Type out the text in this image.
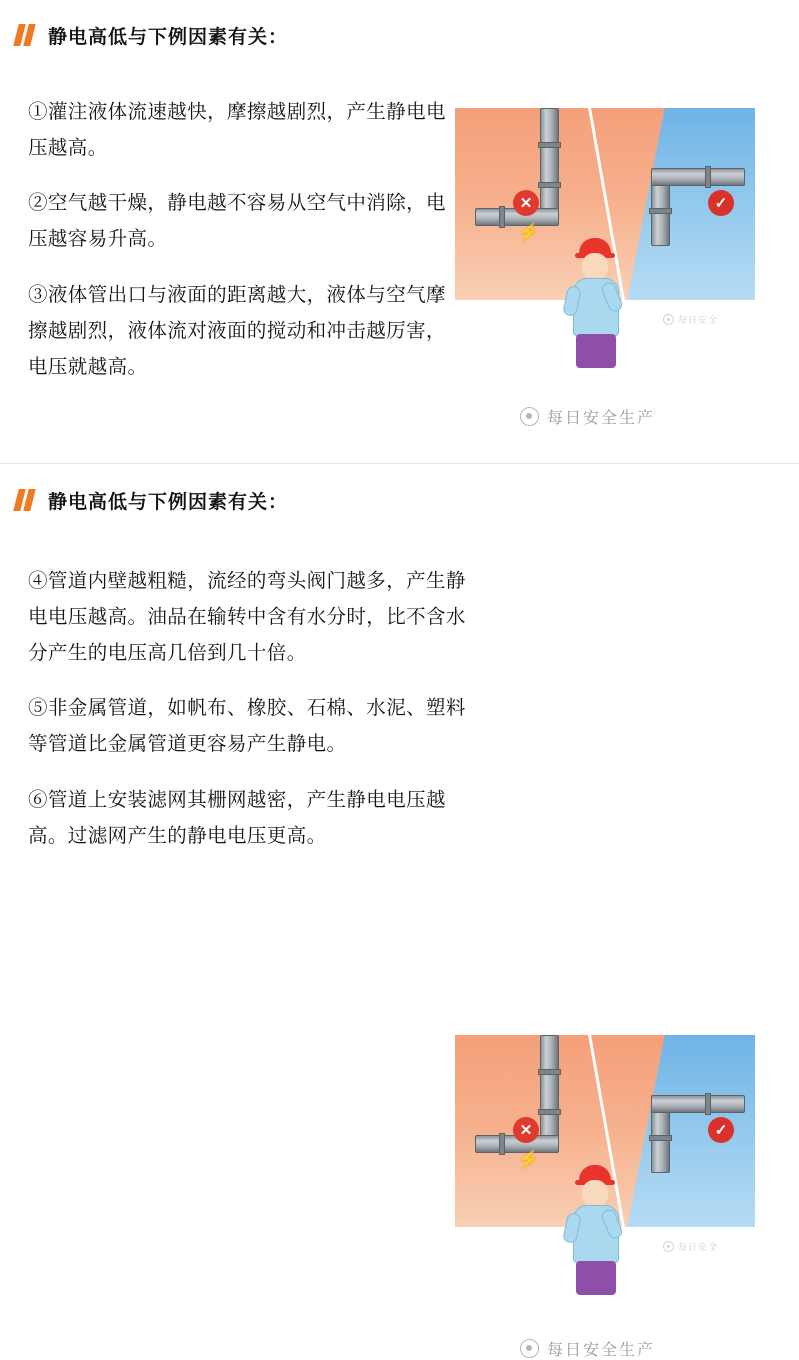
静电高低与下例因素有关：

①灌注液体流速越快，摩擦越剧烈，产生静电电压越高。

②空气越干燥，静电越不容易从空气中消除，电压越容易升高。

③液体管出口与液面的距离越大，液体与空气摩擦越剧烈，液体流对液面的搅动和冲击越厉害，电压就越高。

✕	✓
⚡
每日安全
每日安全生产
静电高低与下例因素有关：

④管道内壁越粗糙，流经的弯头阀门越多，产生静电电压越高。油品在输转中含有水分时，比不含水分产生的电压高几倍到几十倍。

⑤非金属管道，如帆布、橡胶、石棉、水泥、塑料等管道比金属管道更容易产生静电。

⑥管道上安装滤网其栅网越密，产生静电电压越高。过滤网产生的静电电压更高。

✕	✓
⚡
每日安全
每日安全生产
